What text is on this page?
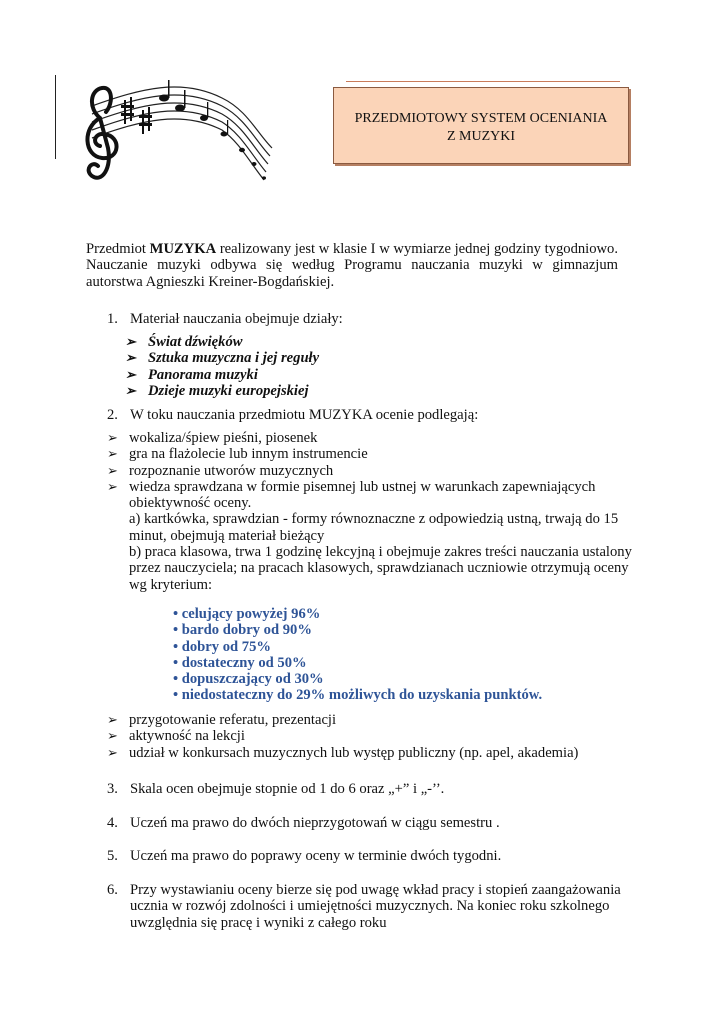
PRZEDMIOTOWY SYSTEM OCENIANIA
Z MUZYKI

Przedmiot MUZYKA realizowany jest w klasie I w wymiarze jednej godziny tygodniowo. Nauczanie muzyki odbywa się według Programu nauczania muzyki w gimnazjum autorstwa Agnieszki Kreiner-Bogdańskiej.

1. Materiał nauczania obejmuje działy:
➢ Świat dźwięków
➢ Sztuka muzyczna i jej reguły
➢ Panorama muzyki
➢ Dzieje muzyki europejskiej
2. W toku nauczania przedmiotu MUZYKA ocenie podlegają:
➢ wokaliza/śpiew pieśni, piosenek
➢ gra na flażolecie lub innym instrumencie
➢ rozpoznanie utworów muzycznych
➢ wiedza sprawdzana w formie pisemnej lub ustnej w warunkach zapewniających obiektywność oceny.
a) kartkówka, sprawdzian - formy równoznaczne z odpowiedzią ustną, trwają do 15 minut, obejmują materiał bieżący
b) praca klasowa, trwa 1 godzinę lekcyjną i obejmuje zakres treści nauczania ustalony przez nauczyciela; na pracach klasowych, sprawdzianach uczniowie otrzymują oceny wg kryterium:
• celujący powyżej 96%
• bardo dobry od 90%
• dobry od 75%
• dostateczny od 50%
• dopuszczający od 30%
• niedostateczny do 29% możliwych do uzyskania punktów.
➢ przygotowanie referatu, prezentacji
➢ aktywność na lekcji
➢ udział w konkursach muzycznych lub występ publiczny (np. apel, akademia)
3. Skala ocen obejmuje stopnie od 1 do 6 oraz „+” i „-’’.
4. Uczeń ma prawo do dwóch nieprzygotowań w ciągu semestru .
5. Uczeń ma prawo do poprawy oceny w terminie dwóch tygodni.
6. Przy wystawianiu oceny bierze się pod uwagę wkład pracy i stopień zaangażowania ucznia w rozwój zdolności i umiejętności muzycznych. Na koniec roku szkolnego uwzględnia się pracę i wyniki z całego roku
